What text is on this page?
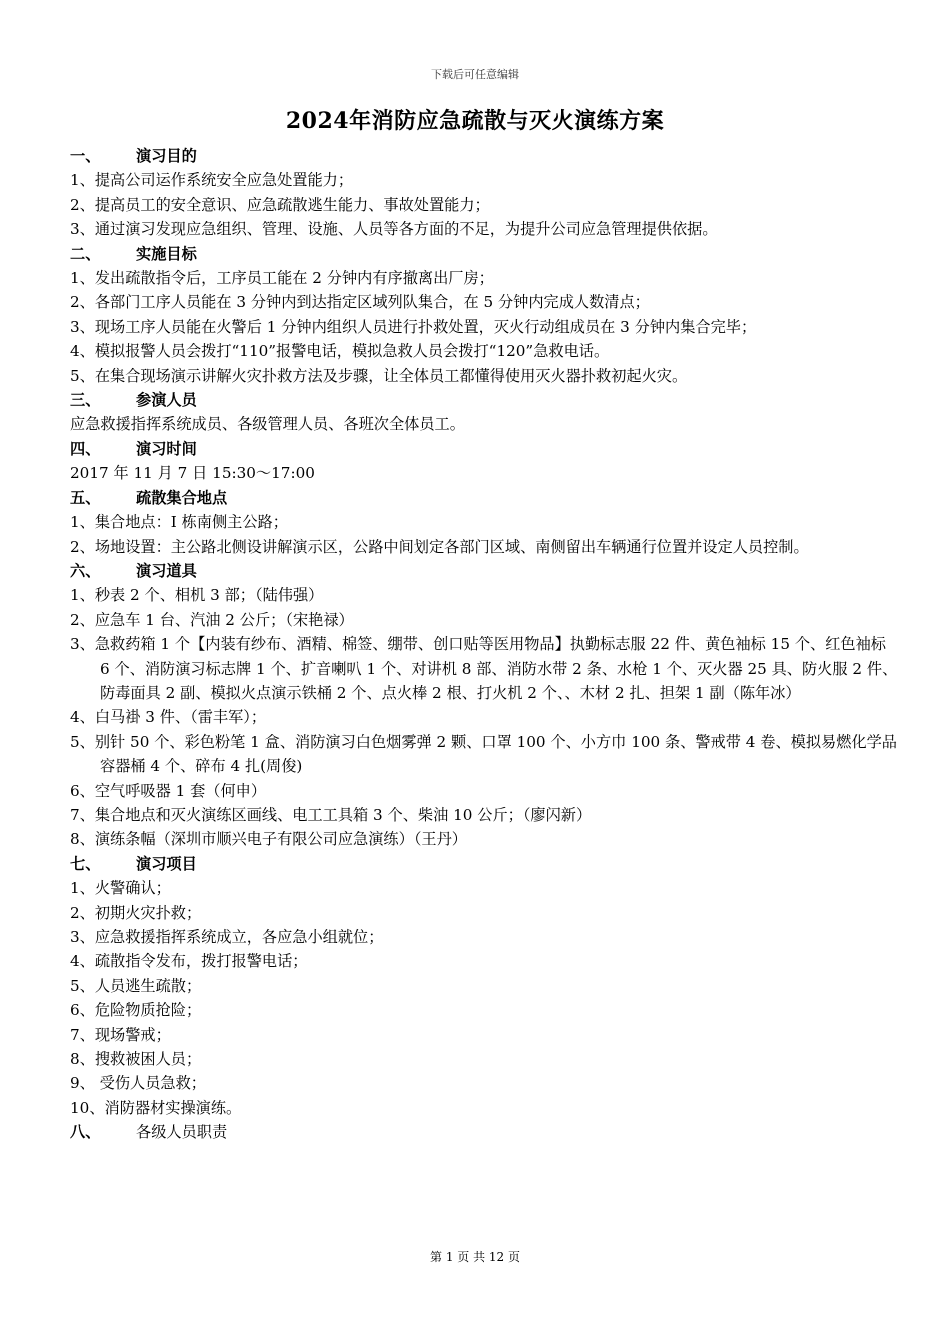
下载后可任意编辑
2024年消防应急疏散与灭火演练方案
一、	演习目的
1、提高公司运作系统安全应急处置能力；
2、提高员工的安全意识、应急疏散逃生能力、事故处置能力；
3、通过演习发现应急组织、管理、设施、人员等各方面的不足，为提升公司应急管理提供依据。
二、	实施目标
1、发出疏散指令后，工序员工能在 2 分钟内有序撤离出厂房；
2、各部门工序人员能在 3 分钟内到达指定区域列队集合，在 5 分钟内完成人数清点；
3、现场工序人员能在火警后 1 分钟内组织人员进行扑救处置，灭火行动组成员在 3 分钟内集合完毕；
4、模拟报警人员会拨打“110”报警电话，模拟急救人员会拨打“120”急救电话。
5、在集合现场演示讲解火灾扑救方法及步骤，让全体员工都懂得使用灭火器扑救初起火灾。
三、	参演人员
应急救援指挥系统成员、各级管理人员、各班次全体员工。
四、	演习时间
2017 年 11 月 7 日 15:30～17:00
五、	疏散集合地点
1、集合地点：I 栋南侧主公路；
2、场地设置：主公路北侧设讲解演示区，公路中间划定各部门区域、南侧留出车辆通行位置并设定人员控制。
六、	演习道具
1、秒表 2 个、相机 3 部；（陆伟强）
2、应急车 1 台、汽油 2 公斤；（宋艳禄）
3、急救药箱 1 个【内装有纱布、酒精、棉签、绷带、创口贴等医用物品】执勤标志服 22 件、黄色袖标 15 个、红色袖标 6 个、消防演习标志牌 1 个、扩音喇叭 1 个、对讲机 8 部、消防水带 2 条、水枪 1 个、灭火器 25 具、防火服 2 件、防毒面具 2 副、模拟火点演示铁桶 2 个、点火棒 2 根、打火机 2 个、、木材 2 扎、担架 1 副（陈年冰）
4、白马褂 3 件、（雷丰军）；
5、别针 50 个、彩色粉笔 1 盒、消防演习白色烟雾弹 2 颗、口罩 100 个、小方巾 100 条、警戒带 4 卷、模拟易燃化学品容器桶 4 个、碎布 4 扎(周俊)
6、空气呼吸器 1 套（何申）
7、集合地点和灭火演练区画线、电工工具箱 3 个、柴油 10 公斤；（廖闪新）
8、演练条幅（深圳市顺兴电子有限公司应急演练）（王丹）
七、	演习项目
1、火警确认；
2、初期火灾扑救；
3、应急救援指挥系统成立，各应急小组就位；
4、疏散指令发布，拨打报警电话；
5、人员逃生疏散；
6、危险物质抢险；
7、现场警戒；
8、搜救被困人员；
9、 受伤人员急救；
10、消防器材实操演练。
八、	各级人员职责
第 1 页 共 12 页
